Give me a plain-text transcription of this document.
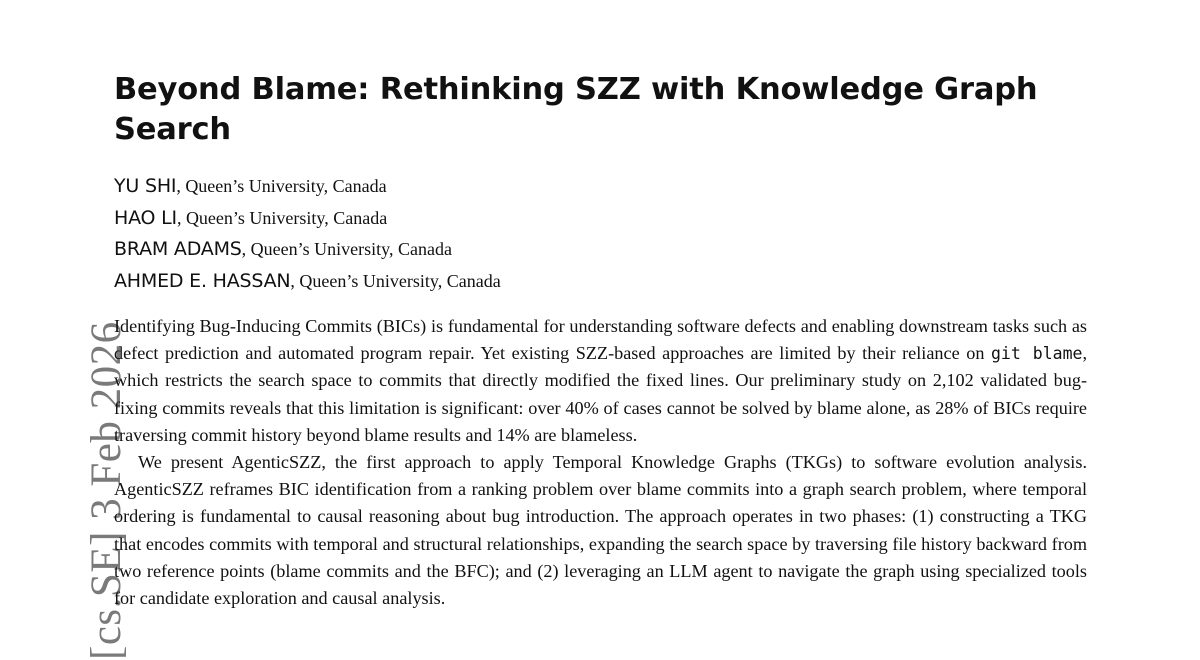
[cs.SE] 3 Feb 2026
Beyond Blame: Rethinking SZZ with Knowledge Graph Search
YU SHI, Queen’s University, Canada
HAO LI, Queen’s University, Canada
BRAM ADAMS, Queen’s University, Canada
AHMED E. HASSAN, Queen’s University, Canada

Identifying Bug-Inducing Commits (BICs) is fundamental for understanding software defects and enabling downstream tasks such as defect prediction and automated program repair. Yet existing SZZ-based approaches are limited by their reliance on git blame, which restricts the search space to commits that directly modified the fixed lines. Our preliminary study on 2,102 validated bug-fixing commits reveals that this limitation is significant: over 40% of cases cannot be solved by blame alone, as 28% of BICs require traversing commit history beyond blame results and 14% are blameless.

We present AgenticSZZ, the first approach to apply Temporal Knowledge Graphs (TKGs) to software evolution analysis. AgenticSZZ reframes BIC identification from a ranking problem over blame commits into a graph search problem, where temporal ordering is fundamental to causal reasoning about bug introduction. The approach operates in two phases: (1) constructing a TKG that encodes commits with temporal and structural relationships, expanding the search space by traversing file history backward from two reference points (blame commits and the BFC); and (2) leveraging an LLM agent to navigate the graph using specialized tools for candidate exploration and causal analysis.
